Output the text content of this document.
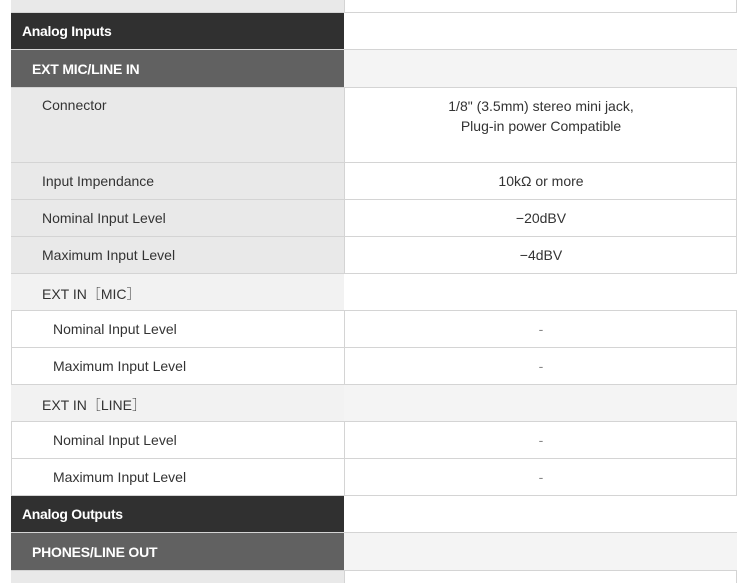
Analog Inputs
EXT MIC/LINE IN
Connector	1/8" (3.5mm) stereo mini jack,
Plug-in power Compatible
Input Impendance	10kΩ or more
Nominal Input Level	−20dBV
Maximum Input Level	−4dBV
EXT IN［MIC］
Nominal Input Level	-
Maximum Input Level	-
EXT IN［LINE］
Nominal Input Level	-
Maximum Input Level	-
Analog Outputs
PHONES/LINE OUT
